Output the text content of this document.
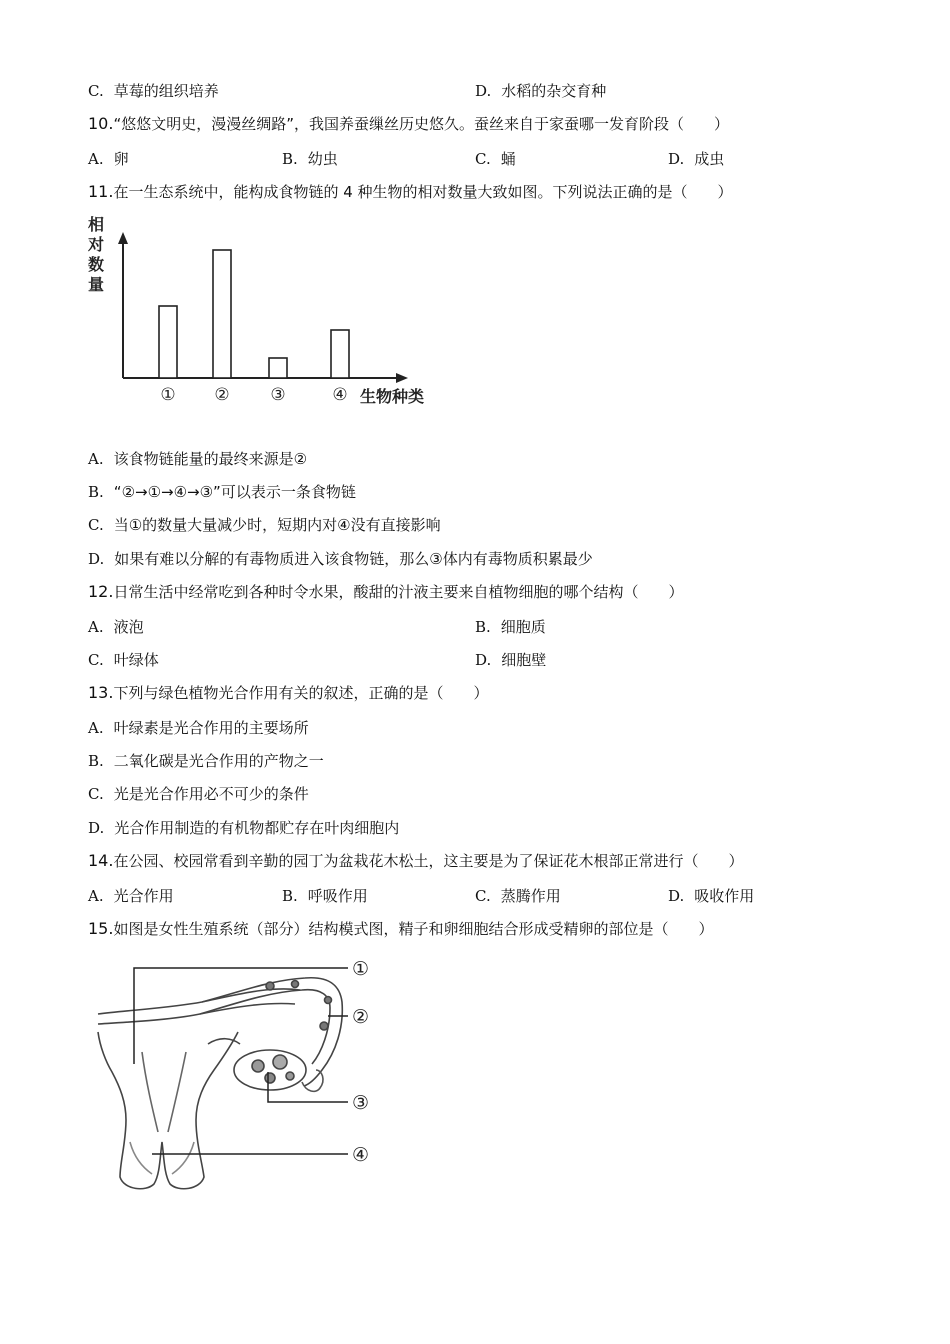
C. 草莓的组织培养	D. 水稻的杂交育种
10.“悠悠文明史，漫漫丝绸路”，我国养蚕缫丝历史悠久。蚕丝来自于家蚕哪一发育阶段（　　）
A. 卵	B. 幼虫	C. 蛹	D. 成虫
11.在一生态系统中，能构成食物链的 4 种生物的相对数量大致如图。下列说法正确的是（　　）
相
对
数
量
生物种类
① ② ③	④
A. 该食物链能量的最终来源是②
B. “②→①→④→③”可以表示一条食物链
C. 当①的数量大量减少时，短期内对④没有直接影响
D. 如果有难以分解的有毒物质进入该食物链，那么③体内有毒物质积累最少
12.日常生活中经常吃到各种时令水果，酸甜的汁液主要来自植物细胞的哪个结构（　　）
A. 液泡	B. 细胞质
C. 叶绿体	D. 细胞壁
13.下列与绿色植物光合作用有关的叙述，正确的是（　　）
A. 叶绿素是光合作用的主要场所
B. 二氧化碳是光合作用的产物之一
C. 光是光合作用必不可少的条件
D. 光合作用制造的有机物都贮存在叶肉细胞内
14.在公园、校园常看到辛勤的园丁为盆栽花木松土，这主要是为了保证花木根部正常进行（　　）
A. 光合作用	B. 呼吸作用	C. 蒸腾作用	D. 吸收作用
15.如图是女性生殖系统（部分）结构模式图，精子和卵细胞结合形成受精卵的部位是（　　）
①
②
③
④
